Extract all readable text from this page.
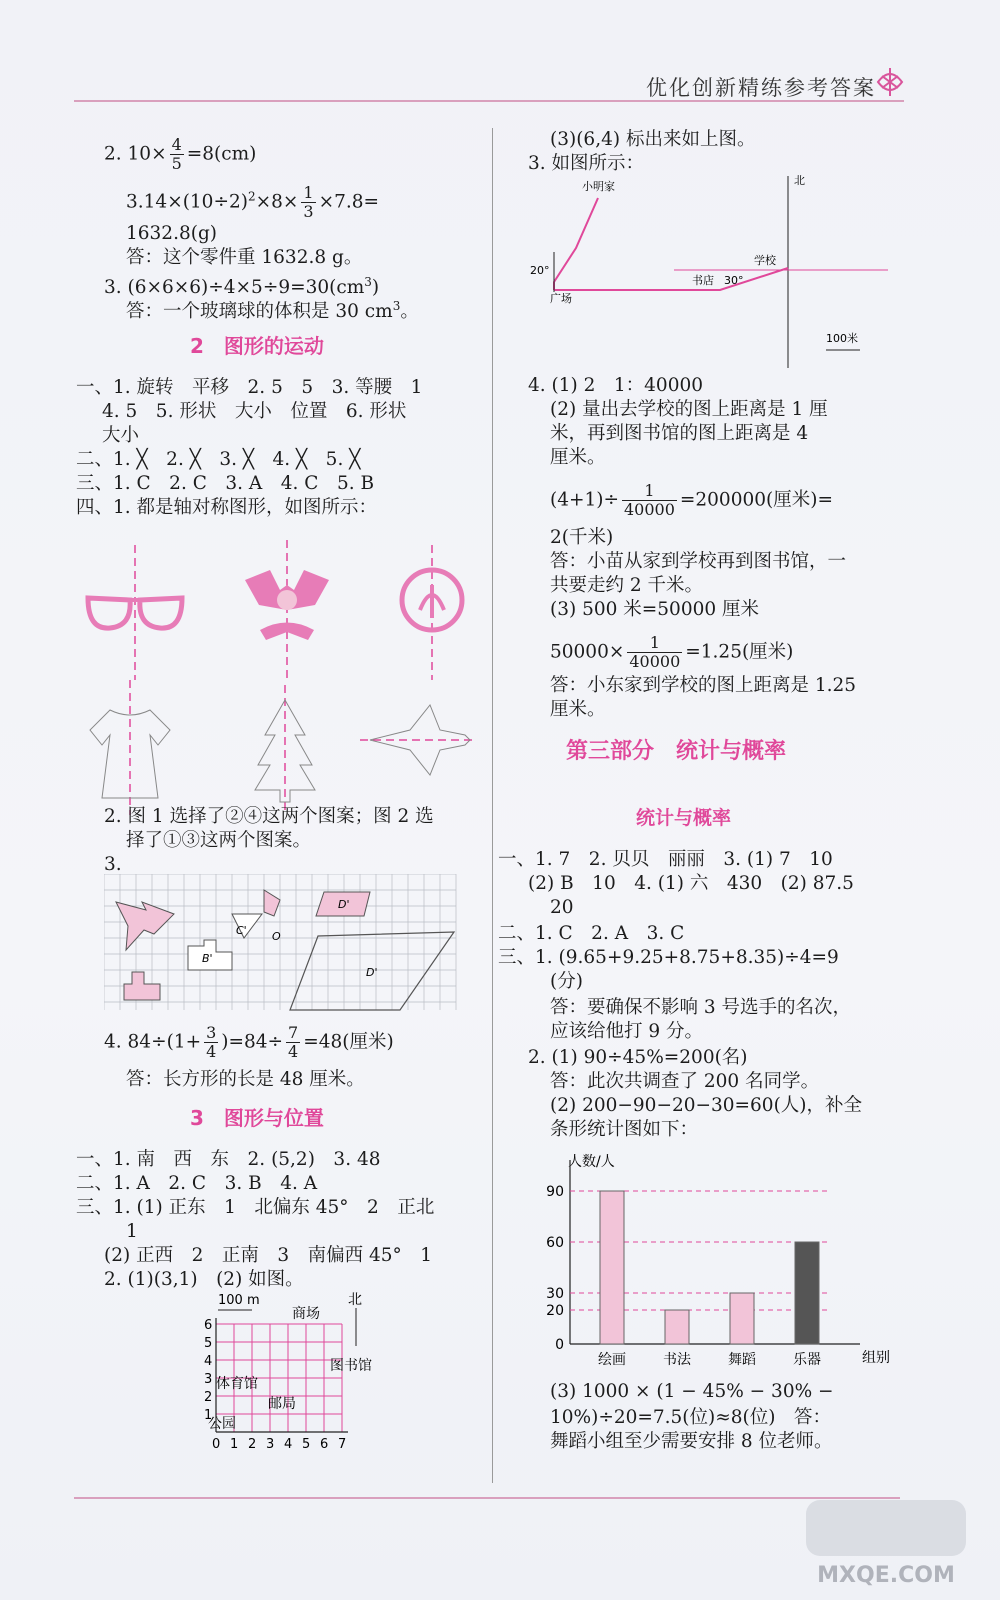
优化创新精练参考答案
2. $10\times \frac{4}{5} =8(cm)$
$3.14\times(10\div 2)^2\times 8\times \frac{1}{3} \times 7.8=$
1632.8(g)
答：这个零件重 1632.8 g。
3. $(6\times 6\times 6)\div 4\times 5\div 9=30(cm^3)$
答：一个玻璃球的体积是 30 $cm^3$。
2　图形的运动
一、1. 旋转　平移　2. 5　5　3. 等腰　1
4. 5　5. 形状　大小　位置　6. 形状
大小
二、1. ╳　2. ╳　3. ╳　4. ╳　5. ╳
三、1. C　2. C　3. A　4. C　5. B
四、1. 都是轴对称图形，如图所示：
2. 图 1 选择了②④这两个图案；图 2 选
择了①③这两个图案。
3.
C' O
B'
D'
D'
4. $84\div(1+ \frac{3}{4} )=84\div \frac{7}{4} =48$(厘米)
答：长方形的长是 48 厘米。
3　图形与位置
一、1. 南　西　东　2. (5,2)　3. 48
二、1. A　2. C　3. B　4. A
三、1. (1) 正东　1　北偏东 45°　2　正北
1
(2) 正西　2　正南　3　南偏西 45°　1
2. (1)(3,1)　(2) 如图。
100 m
商场
北
图书馆
体育馆
邮局
公园
0 1 2 3 4 5 6 7
1
2
3
4
5
6
(3)(6,4) 标出来如上图。
3. 如图所示：
北
小明家
学校
书店 30°
20°
广场
100米
4. (1) 2　1：40000
(2) 量出去学校的图上距离是 1 厘
米，再到图书馆的图上距离是 4
厘米。
$(4+1)\div \frac{1}{40000} =200000$(厘米)=
2(千米)
答：小苗从家到学校再到图书馆，一
共要走约 2 千米。
(3) 500 米=50000 厘米
$50000\times \frac{1}{40000} =1.25$(厘米)
答：小东家到学校的图上距离是 1.25
厘米。
第三部分　统计与概率
统计与概率
一、1. 7　2. 贝贝　丽丽　3. (1) 7　10
(2) B　10　4. (1) 六　430　(2) 87.5
20
二、1. C　2. A　3. C
三、1. (9.65+9.25+8.75+8.35)÷4=9
(分)
答：要确保不影响 3 号选手的名次，
应该给他打 9 分。
2. (1) 90÷45%=200(名)
答：此次共调查了 200 名同学。
(2) 200−90−20−30=60(人)，补全
条形统计图如下：
人数/人
组别
0
20
30
60
90
绘画	书法	舞蹈	乐器
(3) 1000 × (1 − 45% − 30% −
10%)÷20=7.5(位)≈8(位)　答：
舞蹈小组至少需要安排 8 位老师。
MXQE.COM
